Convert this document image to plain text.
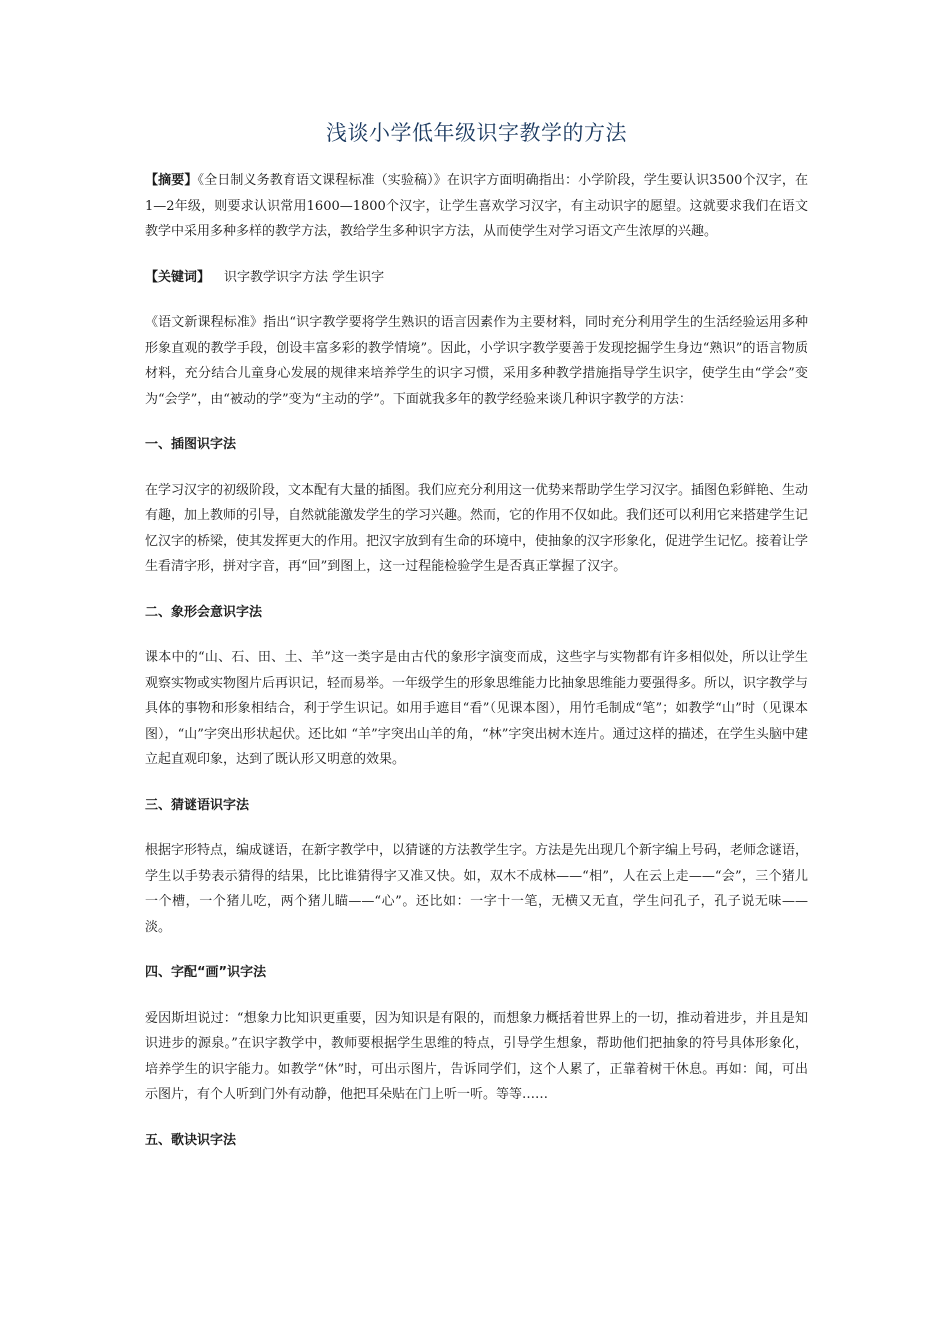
浅谈小学低年级识字教学的方法

【摘要】《全日制义务教育语文课程标准（实验稿）》在识字方面明确指出：小学阶段，学生要认识3500个汉字，在1—2年级，则要求认识常用1600—1800个汉字，让学生喜欢学习汉字，有主动识字的愿望。这就要求我们在语文教学中采用多种多样的教学方法，教给学生多种识字方法，从而使学生对学习语文产生浓厚的兴趣。

【关键词】 识字教学识字方法 学生识字

《语文新课程标准》指出“识字教学要将学生熟识的语言因素作为主要材料，同时充分利用学生的生活经验运用多种形象直观的教学手段，创设丰富多彩的教学情境”。因此，小学识字教学要善于发现挖掘学生身边“熟识”的语言物质材料，充分结合儿童身心发展的规律来培养学生的识字习惯，采用多种教学措施指导学生识字，使学生由“学会”变为“会学”，由“被动的学”变为“主动的学”。下面就我多年的教学经验来谈几种识字教学的方法：

一、插图识字法

在学习汉字的初级阶段，文本配有大量的插图。我们应充分利用这一优势来帮助学生学习汉字。插图色彩鲜艳、生动有趣，加上教师的引导，自然就能激发学生的学习兴趣。然而，它的作用不仅如此。我们还可以利用它来搭建学生记忆汉字的桥梁，使其发挥更大的作用。把汉字放到有生命的环境中，使抽象的汉字形象化，促进学生记忆。接着让学生看清字形，拼对字音，再“回”到图上，这一过程能检验学生是否真正掌握了汉字。

二、象形会意识字法

课本中的“山、石、田、土、羊”这一类字是由古代的象形字演变而成，这些字与实物都有许多相似处，所以让学生观察实物或实物图片后再识记，轻而易举。一年级学生的形象思维能力比抽象思维能力要强得多。所以，识字教学与具体的事物和形象相结合，利于学生识记。如用手遮目“看”（见课本图），用竹毛制成“笔”；如教学“山”时（见课本图），“山”字突出形状起伏。还比如 “羊”字突出山羊的角，“林”字突出树木连片。通过这样的描述，在学生头脑中建立起直观印象，达到了既认形又明意的效果。

三、猜谜语识字法

根据字形特点，编成谜语，在新字教学中，以猜谜的方法教学生字。方法是先出现几个新字编上号码，老师念谜语，学生以手势表示猜得的结果，比比谁猜得字又准又快。如，双木不成林——“相”，人在云上走——“会”，三个猪儿一个槽，一个猪儿吃，两个猪儿瞄——“心”。还比如：一字十一笔，无横又无直，学生问孔子，孔子说无味——淡。

四、字配“画”识字法

爱因斯坦说过：“想象力比知识更重要，因为知识是有限的，而想象力概括着世界上的一切，推动着进步，并且是知识进步的源泉。”在识字教学中，教师要根据学生思维的特点，引导学生想象，帮助他们把抽象的符号具体形象化，培养学生的识字能力。如教学“休”时，可出示图片，告诉同学们，这个人累了，正靠着树干休息。再如：闻，可出示图片，有个人听到门外有动静，他把耳朵贴在门上听一听。等等……

五、歌诀识字法
